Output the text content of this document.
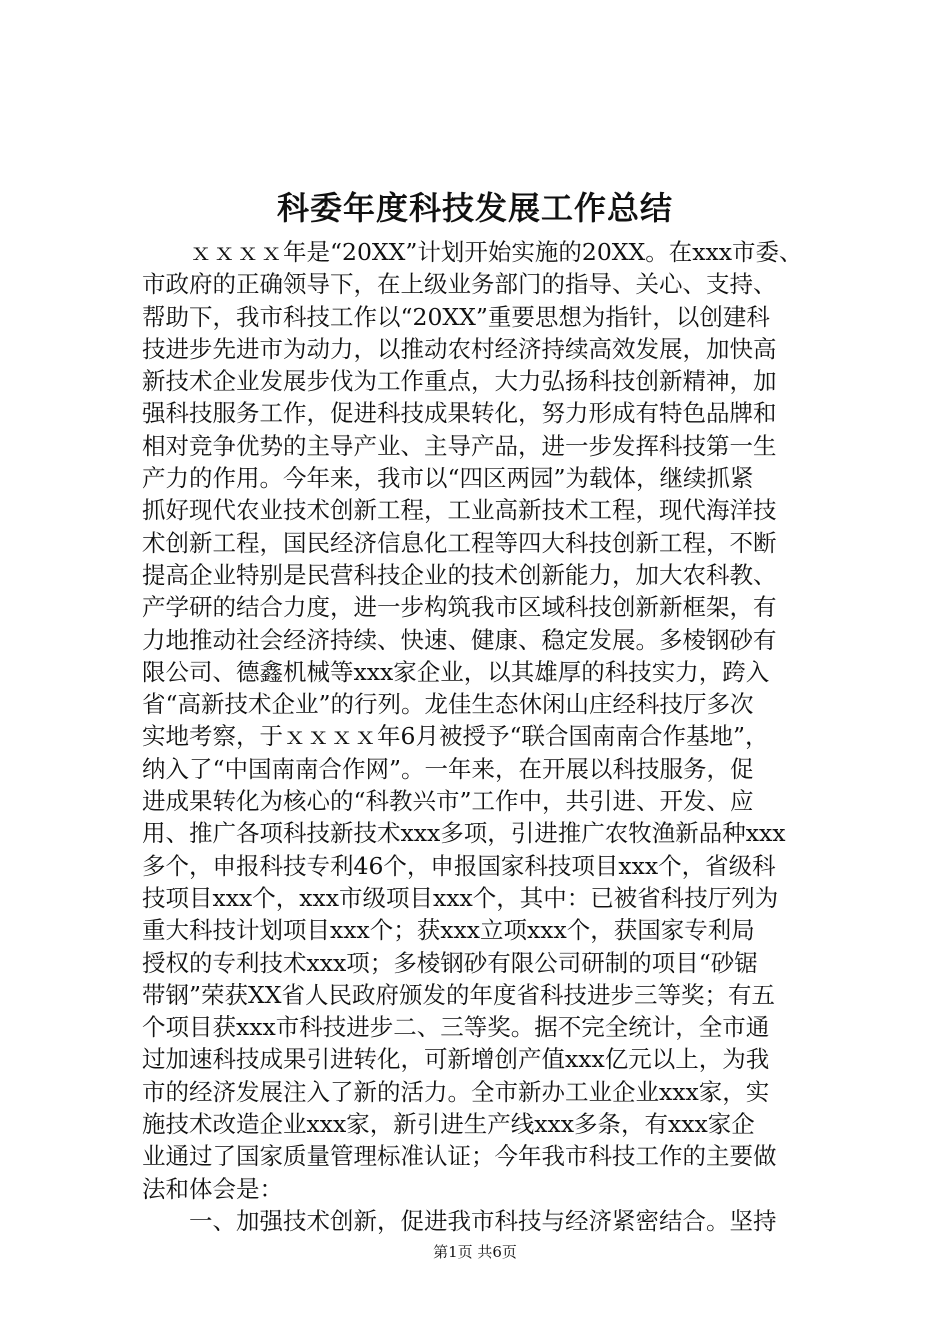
科委年度科技发展工作总结
　　ｘｘｘｘ年是“20XX”计划开始实施的20XX。在xxx市委、
市政府的正确领导下，在上级业务部门的指导、关心、支持、
帮助下，我市科技工作以“20XX”重要思想为指针，以创建科
技进步先进市为动力，以推动农村经济持续高效发展，加快高
新技术企业发展步伐为工作重点，大力弘扬科技创新精神，加
强科技服务工作，促进科技成果转化，努力形成有特色品牌和
相对竞争优势的主导产业、主导产品，进一步发挥科技第一生
产力的作用。今年来，我市以“四区两园”为载体，继续抓紧
抓好现代农业技术创新工程，工业高新技术工程，现代海洋技
术创新工程，国民经济信息化工程等四大科技创新工程，不断
提高企业特别是民营科技企业的技术创新能力，加大农科教、
产学研的结合力度，进一步构筑我市区域科技创新新框架，有
力地推动社会经济持续、快速、健康、稳定发展。多棱钢砂有
限公司、德鑫机械等xxx家企业，以其雄厚的科技实力，跨入
省“高新技术企业”的行列。龙佳生态休闲山庄经科技厅多次
实地考察，于ｘｘｘｘ年6月被授予“联合国南南合作基地”，
纳入了“中国南南合作网”。一年来，在开展以科技服务，促
进成果转化为核心的“科教兴市”工作中，共引进、开发、应
用、推广各项科技新技术xxx多项，引进推广农牧渔新品种xxx
多个，申报科技专利46个，申报国家科技项目xxx个，省级科
技项目xxx个，xxx市级项目xxx个，其中：已被省科技厅列为
重大科技计划项目xxx个；获xxx立项xxx个，获国家专利局
授权的专利技术xxx项；多棱钢砂有限公司研制的项目“砂锯
带钢”荣获XX省人民政府颁发的年度省科技进步三等奖；有五
个项目获xxx市科技进步二、三等奖。据不完全统计，全市通
过加速科技成果引进转化，可新增创产值xxx亿元以上，为我
市的经济发展注入了新的活力。全市新办工业企业xxx家，实
施技术改造企业xxx家，新引进生产线xxx多条，有xxx家企
业通过了国家质量管理标准认证；今年我市科技工作的主要做
法和体会是：
　　一、加强技术创新，促进我市科技与经济紧密结合。坚持
第1页 共6页
